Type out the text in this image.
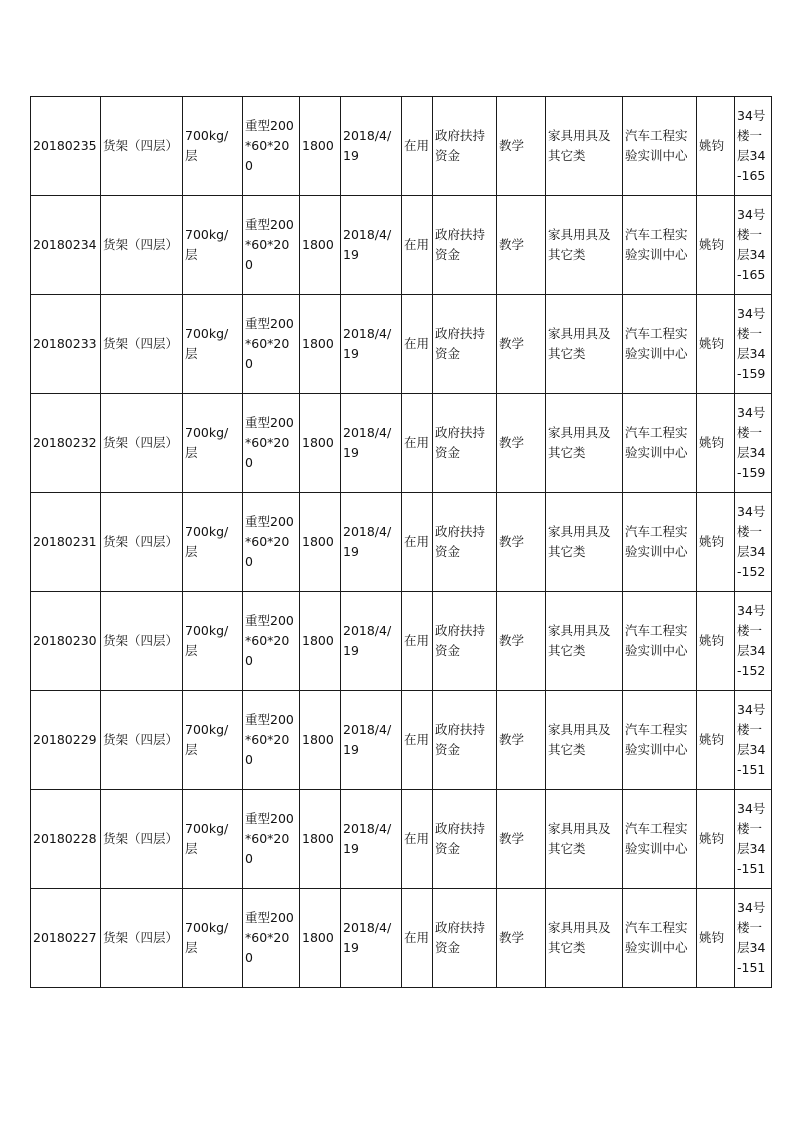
20180235	货架（四层）	700kg/层	重型200*60*200	1800	2018/4/19	在用	政府扶持资金	教学	家具用具及其它类	汽车工程实验实训中心	姚钧	34号楼一层34-165
20180234	货架（四层）	700kg/层	重型200*60*200	1800	2018/4/19	在用	政府扶持资金	教学	家具用具及其它类	汽车工程实验实训中心	姚钧	34号楼一层34-165
20180233	货架（四层）	700kg/层	重型200*60*200	1800	2018/4/19	在用	政府扶持资金	教学	家具用具及其它类	汽车工程实验实训中心	姚钧	34号楼一层34-159
20180232	货架（四层）	700kg/层	重型200*60*200	1800	2018/4/19	在用	政府扶持资金	教学	家具用具及其它类	汽车工程实验实训中心	姚钧	34号楼一层34-159
20180231	货架（四层）	700kg/层	重型200*60*200	1800	2018/4/19	在用	政府扶持资金	教学	家具用具及其它类	汽车工程实验实训中心	姚钧	34号楼一层34-152
20180230	货架（四层）	700kg/层	重型200*60*200	1800	2018/4/19	在用	政府扶持资金	教学	家具用具及其它类	汽车工程实验实训中心	姚钧	34号楼一层34-152
20180229	货架（四层）	700kg/层	重型200*60*200	1800	2018/4/19	在用	政府扶持资金	教学	家具用具及其它类	汽车工程实验实训中心	姚钧	34号楼一层34-151
20180228	货架（四层）	700kg/层	重型200*60*200	1800	2018/4/19	在用	政府扶持资金	教学	家具用具及其它类	汽车工程实验实训中心	姚钧	34号楼一层34-151
20180227	货架（四层）	700kg/层	重型200*60*200	1800	2018/4/19	在用	政府扶持资金	教学	家具用具及其它类	汽车工程实验实训中心	姚钧	34号楼一层34-151
